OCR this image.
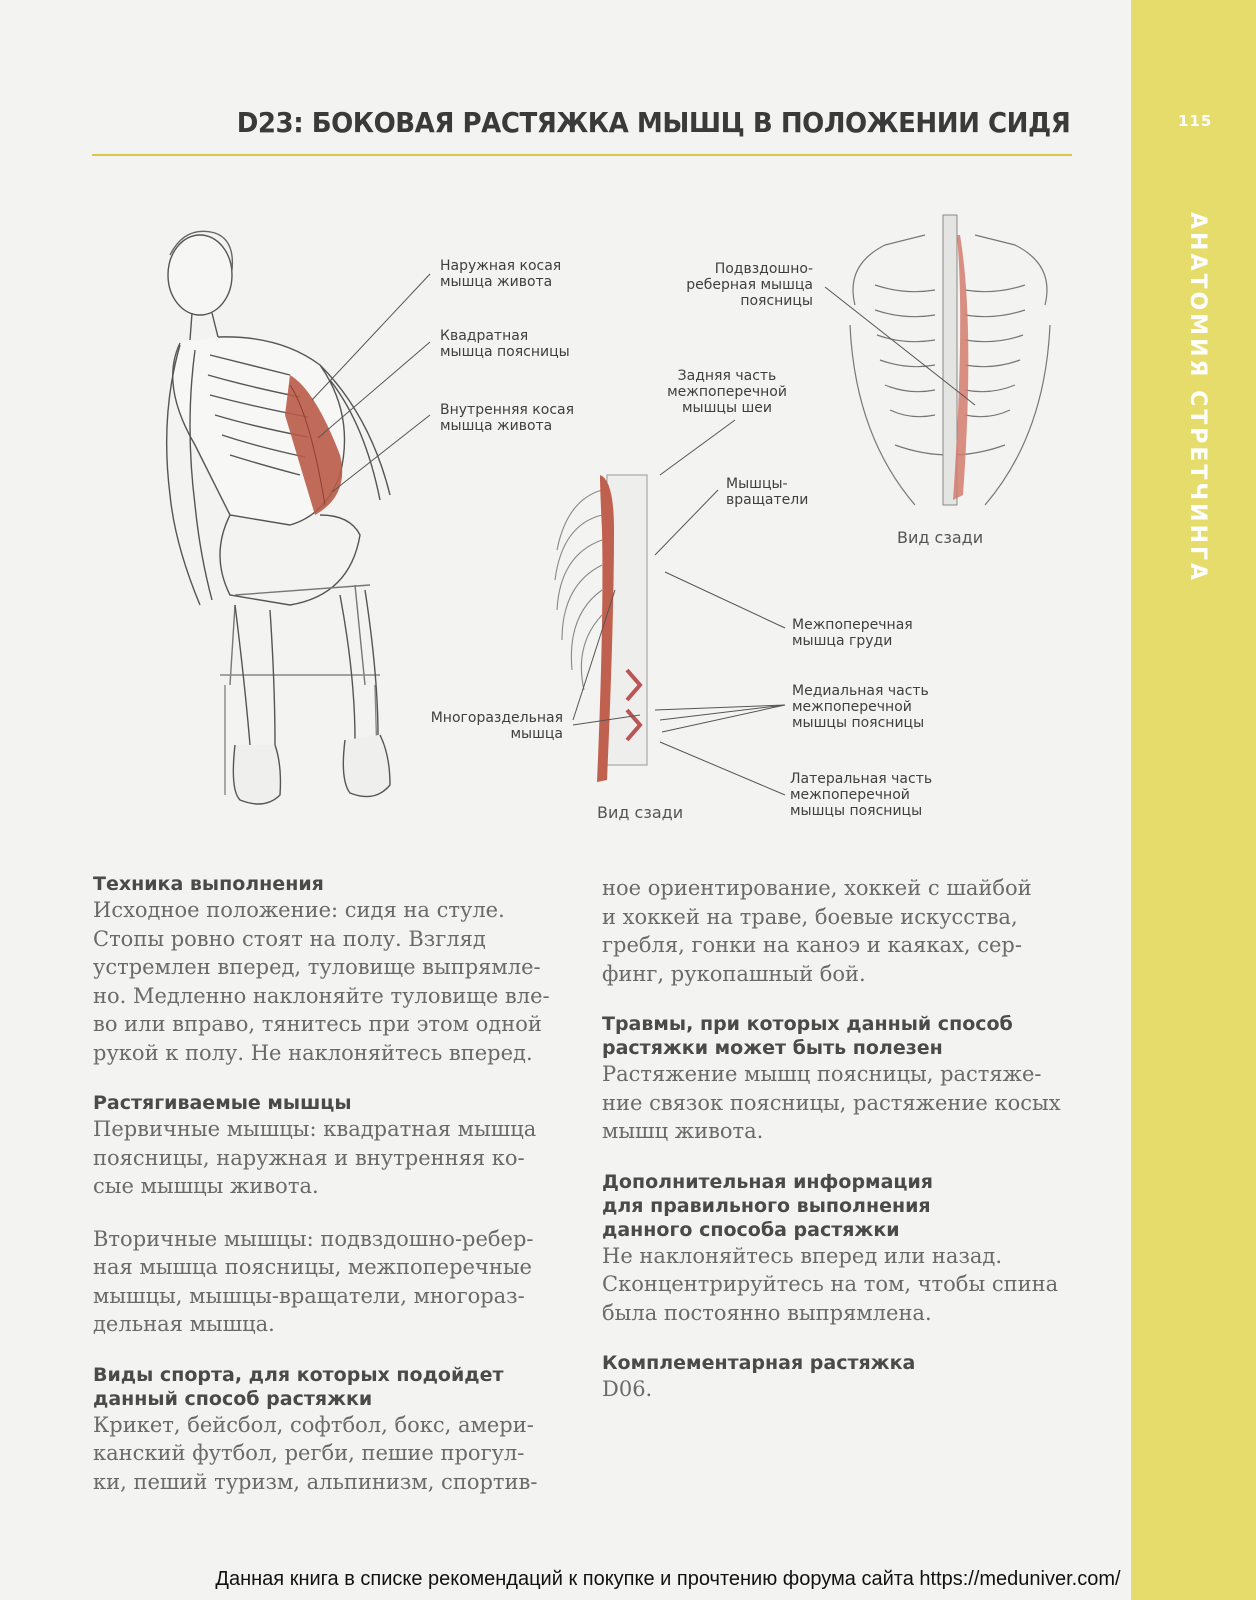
115
АНАТОМИЯ СТРЕТЧИНГА
D23: БОКОВАЯ РАСТЯЖКА МЫШЦ В ПОЛОЖЕНИИ СИДЯ
Вид сзади
Вид сзади
Наружная косая
мышца живота
Квадратная
мышца поясницы
Внутренняя косая
мышца живота
Подвздошно-
реберная мышца
поясницы
Задняя часть
межпоперечной
мышцы шеи
Мышцы-
вращатели
Межпоперечная
мышца груди
Медиальная часть
межпоперечной
мышцы поясницы
Многораздельная
мышца
Латеральная часть
межпоперечной
мышцы поясницы

Техника выполнения

Исходное положение: сидя на стуле.
Стопы ровно стоят на полу. Взгляд
устремлен вперед, туловище выпрямле-
но. Медленно наклоняйте туловище вле-
во или вправо, тянитесь при этом одной
рукой к полу. Не наклоняйтесь вперед.

Растягиваемые мышцы

Первичные мышцы: квадратная мышца
поясницы, наружная и внутренняя ко-
сые мышцы живота.

Вторичные мышцы: подвздошно-ребер-
ная мышца поясницы, межпоперечные
мышцы, мышцы-вращатели, многораз-
дельная мышца.

Виды спорта, для которых подойдет
данный способ растяжки

Крикет, бейсбол, софтбол, бокс, амери-
канский футбол, регби, пешие прогул-
ки, пеший туризм, альпинизм, спортив-

ное ориентирование, хоккей с шайбой
и хоккей на траве, боевые искусства,
гребля, гонки на каноэ и каяках, сер-
финг, рукопашный бой.

Травмы, при которых данный способ
растяжки может быть полезен

Растяжение мышц поясницы, растяже-
ние связок поясницы, растяжение косых
мышц живота.

Дополнительная информация
для правильного выполнения
данного способа растяжки

Не наклоняйтесь вперед или назад.
Сконцентрируйтесь на том, чтобы спина
была постоянно выпрямлена.

Комплементарная растяжка

D06.

Данная книга в списке рекомендаций к покупке и прочтению форума сайта https://meduniver.com/
